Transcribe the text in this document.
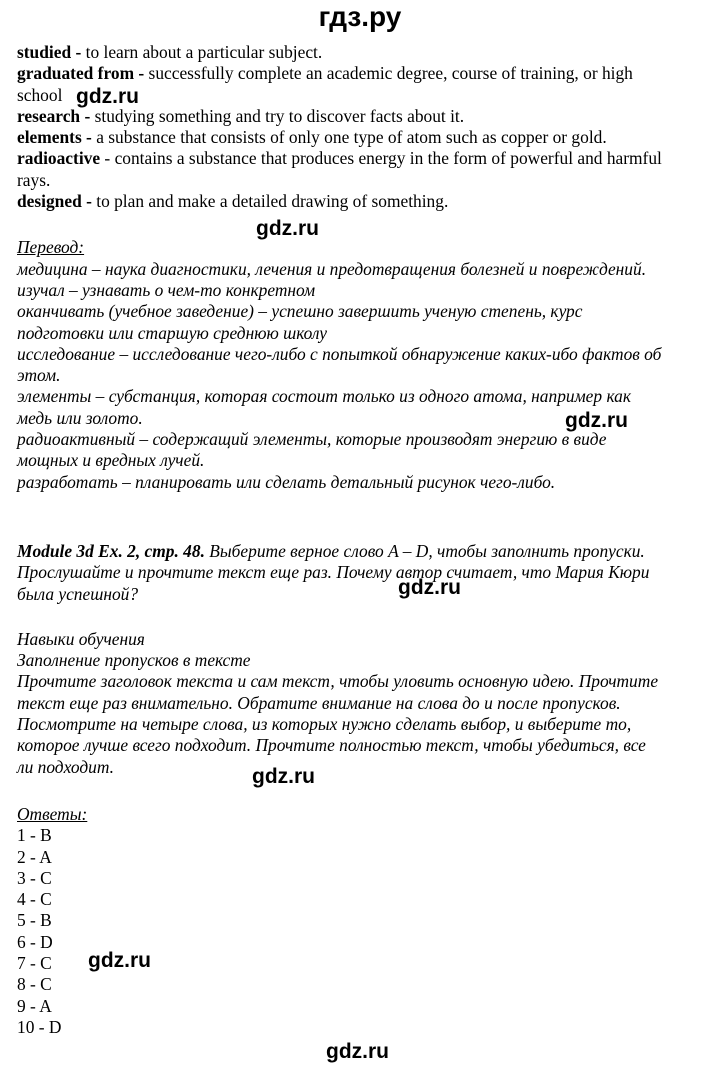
гдз.ру
gdz.ru
gdz.ru
gdz.ru
gdz.ru
gdz.ru
gdz.ru
gdz.ru
studied - to learn about a particular subject.
graduated from - successfully complete an academic degree, course of training, or high
school
research - studying something and try to discover facts about it.
elements - a substance that consists of only one type of atom such as copper or gold.
radioactive - contains a substance that produces energy in the form of powerful and harmful
rays.
designed - to plan and make a detailed drawing of something.
Перевод:
медицина – наука диагностики, лечения и предотвращения болезней и повреждений.
изучал – узнавать о чем-то конкретном
оканчивать (учебное заведение) – успешно завершить ученую степень, курс
подготовки или старшую среднюю школу
исследование – исследование чего-либо с попыткой обнаружение каких-ибо фактов об
этом.
элементы – субстанция, которая состоит только из одного атома, например как
медь или золото.
радиоактивный – содержащий элементы, которые производят энергию в виде
мощных и вредных лучей.
разработать – планировать или сделать детальный рисунок чего-либо.
Module 3d Ex. 2, стр. 48. Выберите верное слово A – D, чтобы заполнить пропуски.
Прослушайте и прочтите текст еще раз. Почему автор считает, что Мария Кюри
была успешной?
Навыки обучения
Заполнение пропусков в тексте
Прочтите заголовок текста и сам текст, чтобы уловить основную идею. Прочтите
текст еще раз внимательно. Обратите внимание на слова до и после пропусков.
Посмотрите на четыре слова, из которых нужно сделать выбор, и выберите то,
которое лучше всего подходит. Прочтите полностью текст, чтобы убедиться, все
ли подходит.
Ответы:
1 - B
2 - A
3 - C
4 - C
5 - B
6 - D
7 - C
8 - C
9 - A
10 - D
